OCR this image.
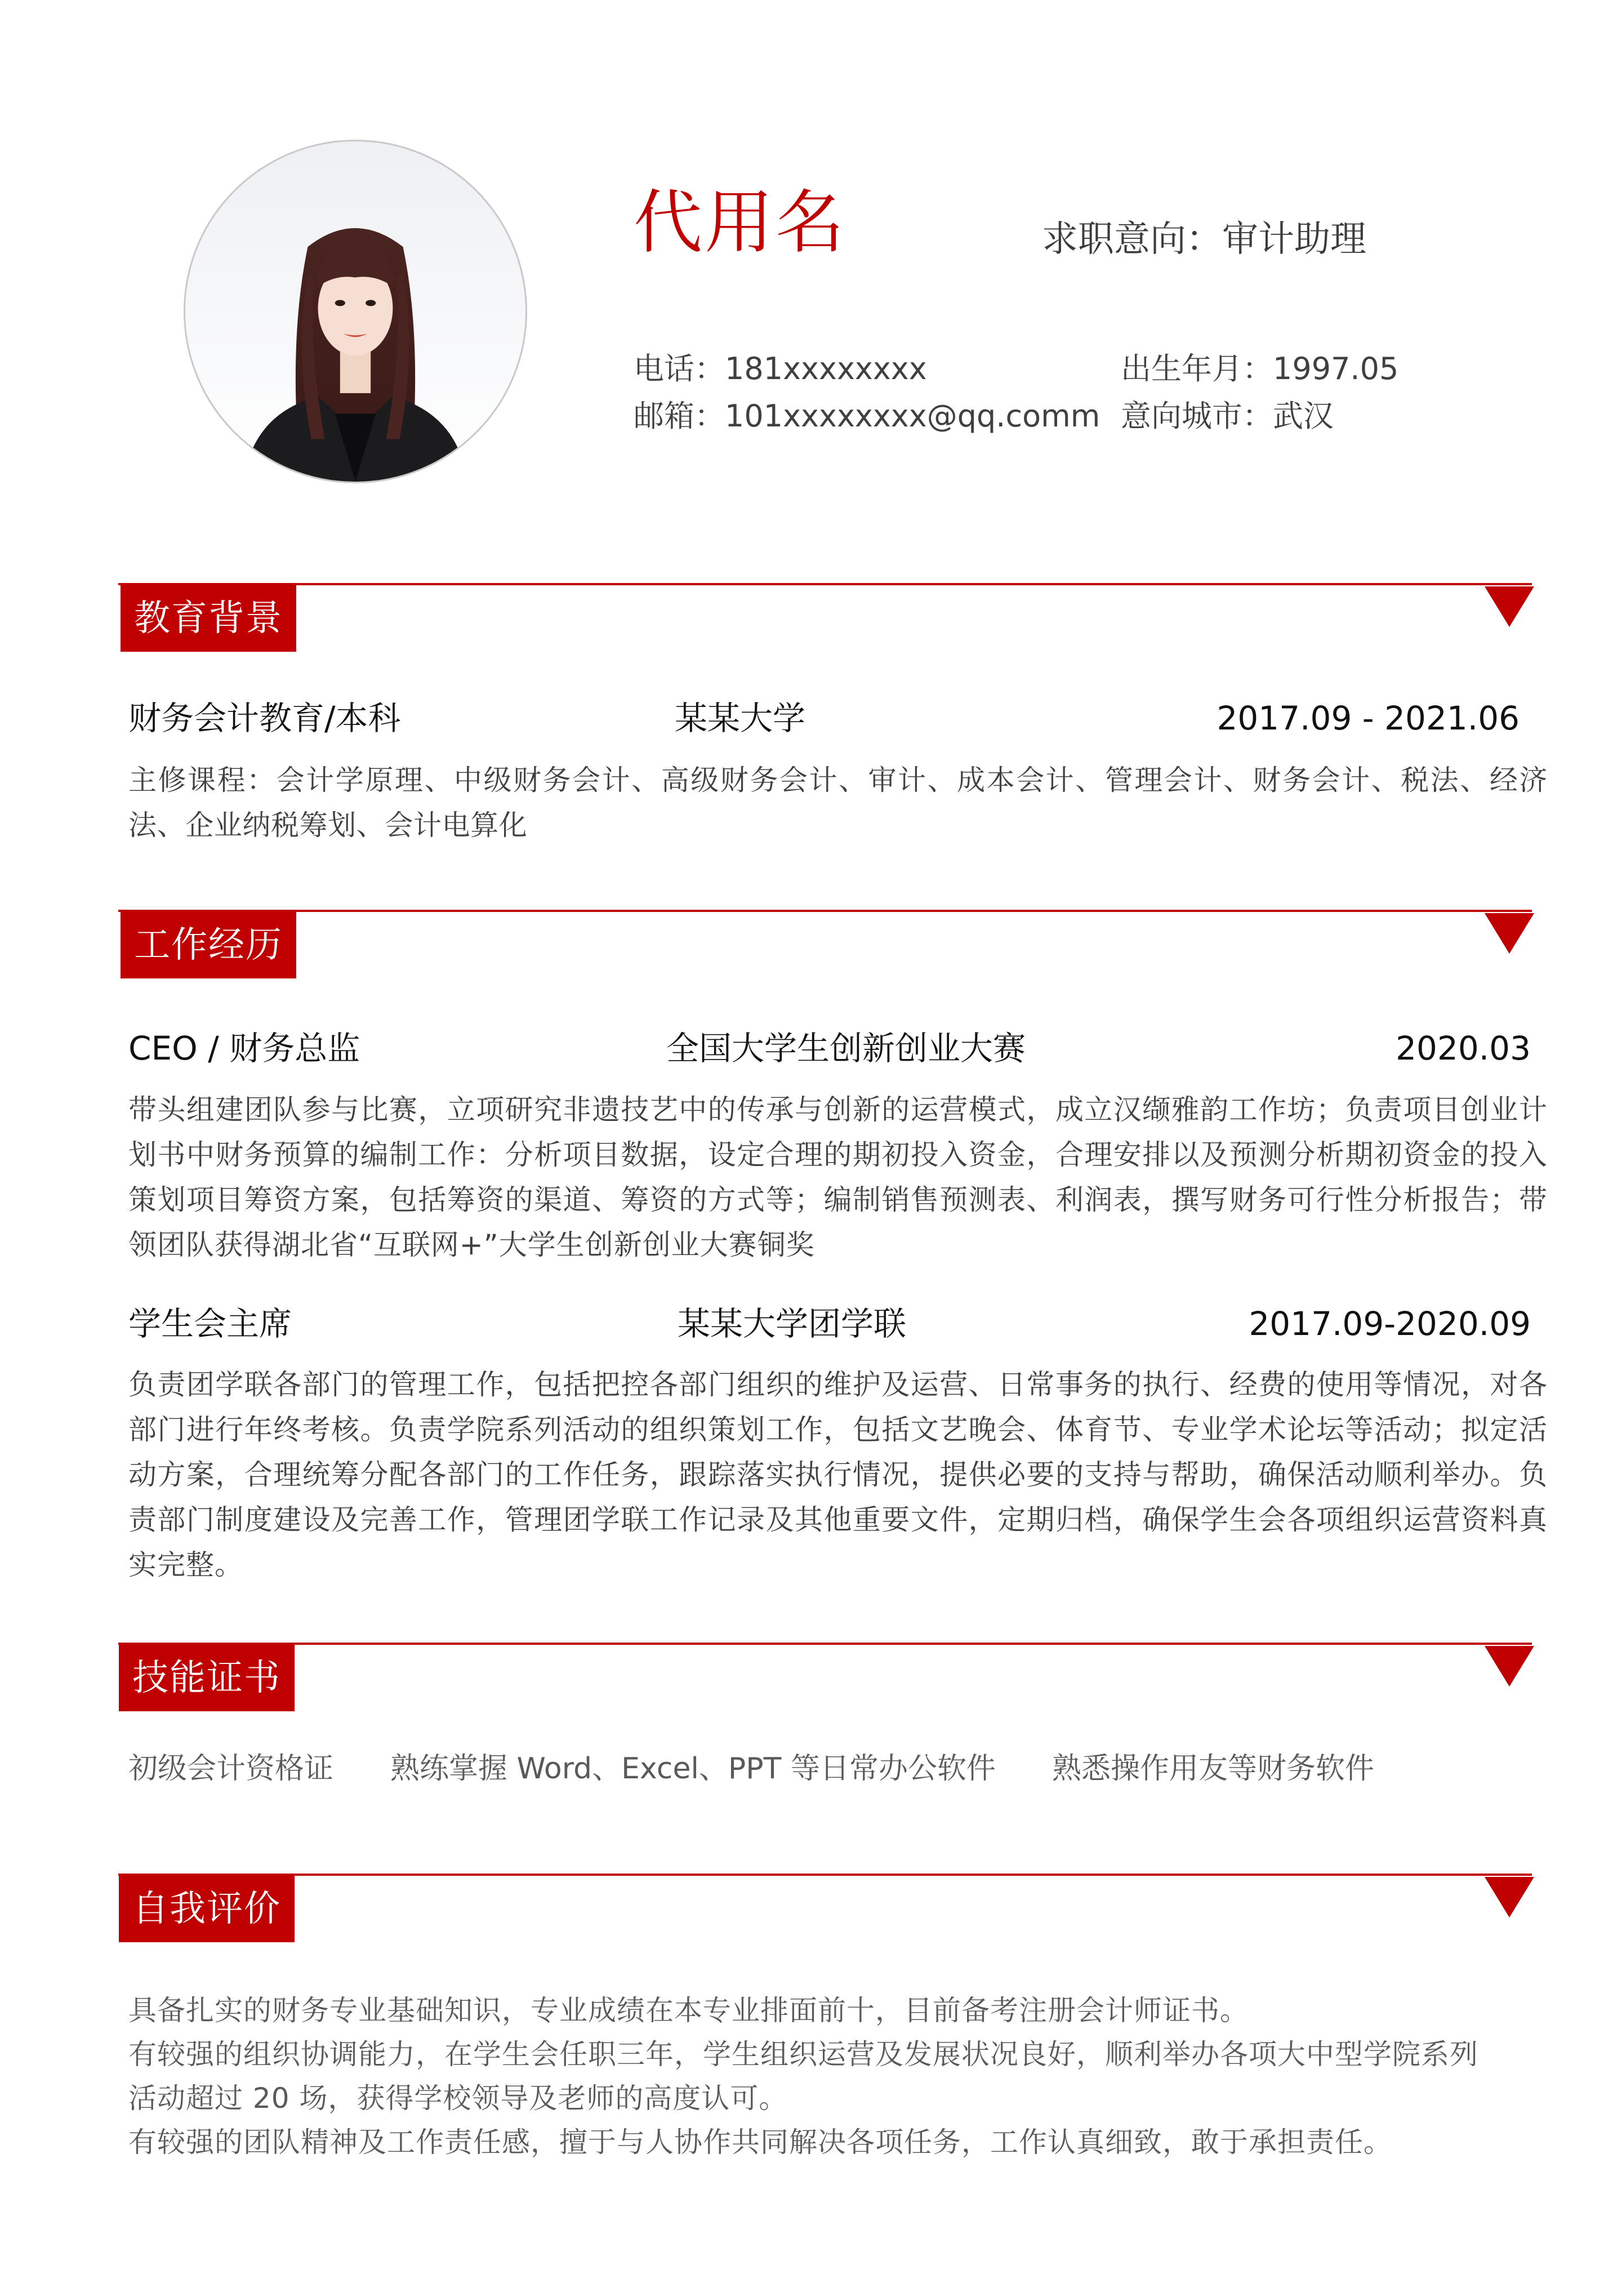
代用名	求职意向：审计助理
电话：181xxxxxxxx
邮箱：101xxxxxxxx@qq.comm
出生年月：1997.05
意向城市：武汉
教育背景
财务会计教育/本科	某某大学	2017.09 - 2021.06
主修课程：会计学原理、中级财务会计、高级财务会计、审计、成本会计、管理会计、财务会计、税法、经济法、企业纳税筹划、会计电算化
工作经历
CEO / 财务总监	全国大学生创新创业大赛	2020.03
带头组建团队参与比赛，立项研究非遗技艺中的传承与创新的运营模式，成立汉缬雅韵工作坊；负责项目创业计划书中财务预算的编制工作：分析项目数据，设定合理的期初投入资金，合理安排以及预测分析期初资金的投入策划项目筹资方案，包括筹资的渠道、筹资的方式等；编制销售预测表、利润表，撰写财务可行性分析报告；带领团队获得湖北省“互联网+”大学生创新创业大赛铜奖
学生会主席	某某大学团学联	2017.09-2020.09
负责团学联各部门的管理工作，包括把控各部门组织的维护及运营、日常事务的执行、经费的使用等情况，对各部门进行年终考核。负责学院系列活动的组织策划工作，包括文艺晚会、体育节、专业学术论坛等活动；拟定活动方案，合理统筹分配各部门的工作任务，跟踪落实执行情况，提供必要的支持与帮助，确保活动顺利举办。负责部门制度建设及完善工作，管理团学联工作记录及其他重要文件，定期归档，确保学生会各项组织运营资料真实完整。
技能证书
初级会计资格证 熟练掌握 Word、Excel、PPT 等日常办公软件 熟悉操作用友等财务软件
自我评价
具备扎实的财务专业基础知识，专业成绩在本专业排面前十，目前备考注册会计师证书。
有较强的组织协调能力，在学生会任职三年，学生组织运营及发展状况良好，顺利举办各项大中型学院系列
活动超过 20 场，获得学校领导及老师的高度认可。
有较强的团队精神及工作责任感，擅于与人协作共同解决各项任务，工作认真细致，敢于承担责任。
